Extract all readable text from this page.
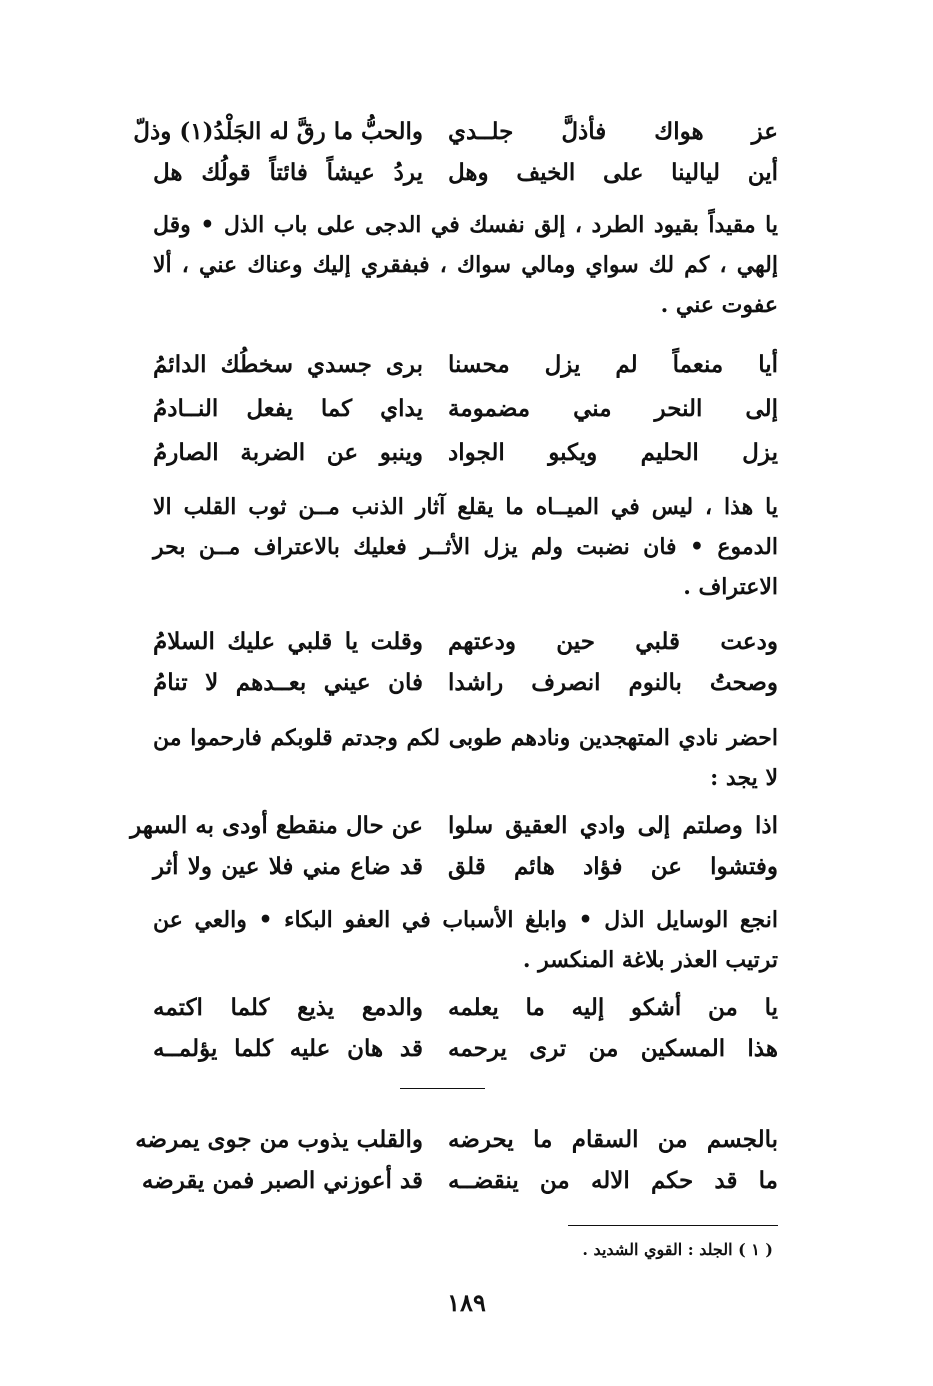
عز هواك فأذلَّ جلــدي
والحبُّ ما رقَّ له الجَلْدُ(١) وذلّ
أين ليالينا على الخيف وهل
يردُ عيشاً فائتاً قولُك هل
يا مقيداً بقيود الطرد ، إلق نفسك في الدجى على باب الذل • وقل إلهي ، كم لك سواي ومالي سواك ، فبفقري إليك وعناك عني ، ألا عفوت عني .
أيا منعماً لم يزل محسنا
برى جسدي سخطُك الدائمُ
إلى النحر مني مضمومة
يداي كما يفعل النــادمُ
يزل الحليم ويكبو الجواد
وينبو عن الضربة الصارمُ
يا هذا ، ليس في الميــاه ما يقلع آثار الذنب مــن ثوب القلب الا الدموع • فان نضبت ولم يزل الأثــر فعليك بالاعتراف مــن بحر الاعتراف .
ودعت قلبي حين ودعتهم
وقلت يا قلبي عليك السلامُ
وصحتُ بالنوم انصرف راشدا
فان عيني بعــدهم لا تنامُ
احضر نادي المتهجدين ونادهم طوبى لكم وجدتم قلوبكم فارحموا من لا يجد :
اذا وصلتم إلى وادي العقيق سلوا
عن حال منقطع أودى به السهر
وفتشوا عن فؤاد هائم قلق
قد ضاع مني فلا عين ولا أثر
انجع الوسايل الذل • وابلغ الأسباب في العفو البكاء • والعي عن ترتيب العذر بلاغة المنكسر .
يا من أشكو إليه ما يعلمه
والدمع يذيع كلما اكتمه
هذا المسكين من ترى يرحمه
قد هان عليه كلما يؤلمــه
بالجسم من السقام ما يحرضه
والقلب يذوب من جوى يمرضه
ما قد حكم الاله من ينقضــه
قد أعوزني الصبر فمن يقرضه
( ١ ) الجلد : القوي الشديد .
١٨٩
